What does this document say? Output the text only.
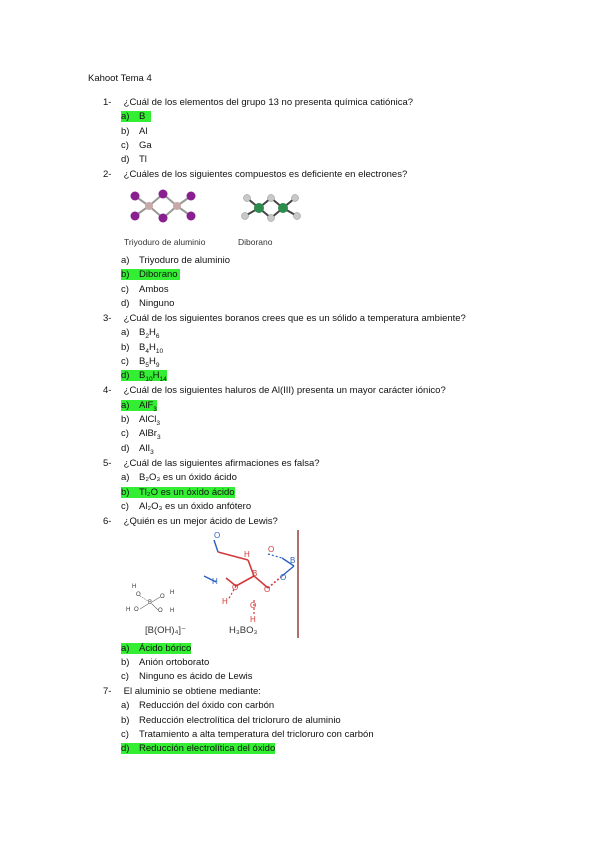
Kahoot Tema 4
1- ¿Cuál de los elementos del grupo 13 no presenta química catiónica?
a) B
b) Al
c) Ga
d) Tl
2- ¿Cuáles de los siguientes compuestos es deficiente en electrones?
Triyoduro de aluminio	Diborano
a) Triyoduro de aluminio
b) Diborano
c) Ambos
d) Ninguno
3- ¿Cuál de los siguientes boranos crees que es un sólido a temperatura ambiente?
a) $B_2H_6$
b) $B_4H_{10}$
c) $B_5H_9$
d) $B_{10}H_{14}$
4- ¿Cuál de los siguientes haluros de Al(III) presenta un mayor carácter iónico?
a) AlF$_3$
b) AlCl$_3$
c) AlBr$_3$
d) AlI$_3$
5- ¿Cuál de las siguientes afirmaciones es falsa?
a) B₂O₃ es un óxido ácido
b) Tl₂O es un óxido ácido
c) Al₂O₃ es un óxido anfótero
6- ¿Quién es un mejor ácido de Lewis?
H
O
B
O
H
H O	O H
O
H
O
B
O	O
B
O
H
H
H
O
[B(OH)₄]⁻	H₃BO₃
a) Ácido bórico
b) Anión ortoborato
c) Ninguno es ácido de Lewis
7- El aluminio se obtiene mediante:
a) Reducción del óxido con carbón
b) Reducción electrolítica del tricloruro de aluminio
c) Tratamiento a alta temperatura del tricloruro con carbón
d) Reducción electrolítica del óxido
